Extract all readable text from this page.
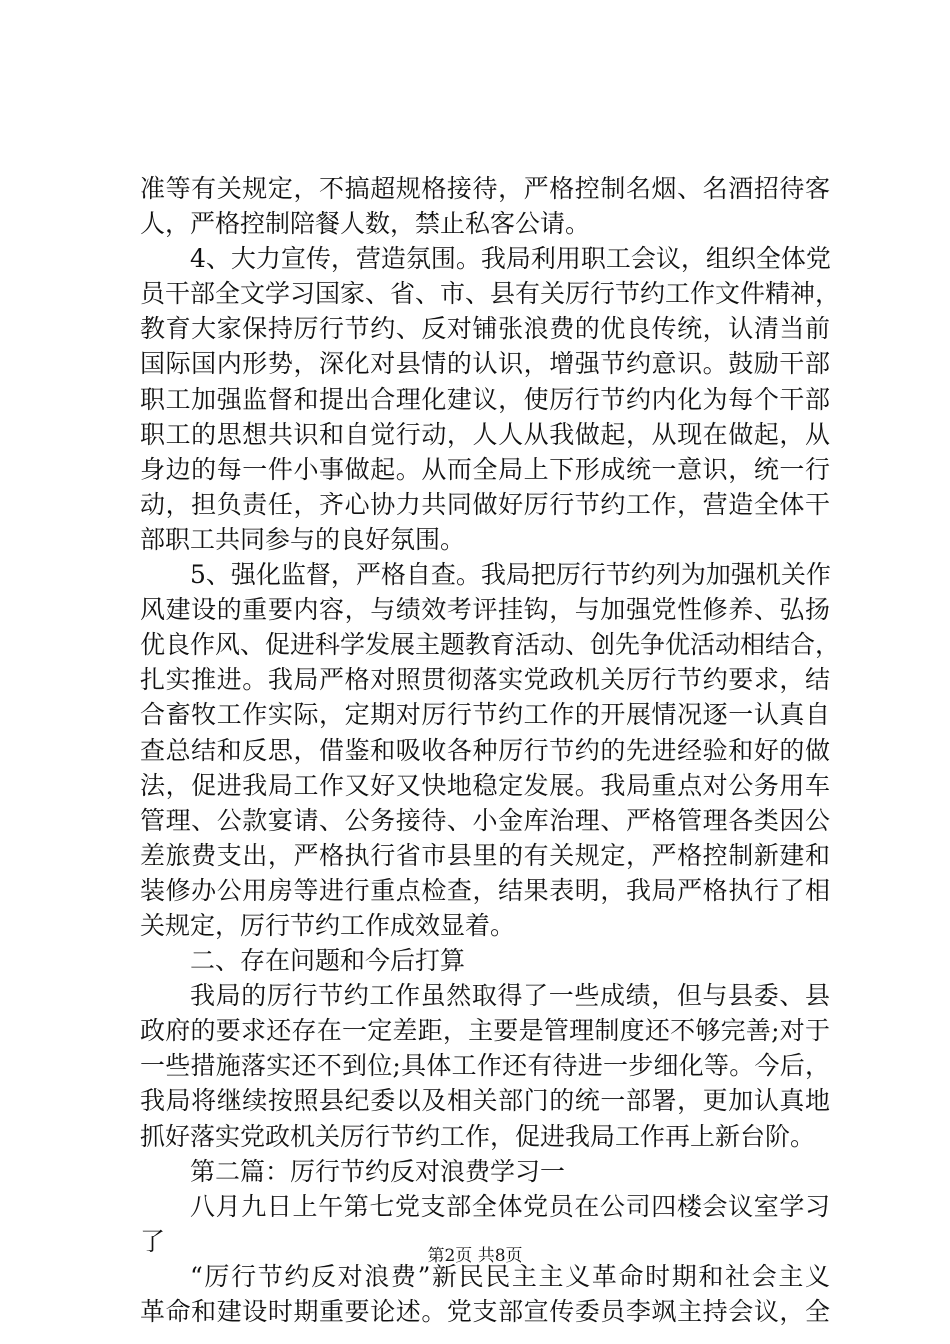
准等有关规定，不搞超规格接待，严格控制名烟、名酒招待客
人，严格控制陪餐人数，禁止私客公请。
4、大力宣传，营造氛围。我局利用职工会议，组织全体党
员干部全文学习国家、省、市、县有关厉行节约工作文件精神，
教育大家保持厉行节约、反对铺张浪费的优良传统，认清当前
国际国内形势，深化对县情的认识，增强节约意识。鼓励干部
职工加强监督和提出合理化建议，使厉行节约内化为每个干部
职工的思想共识和自觉行动，人人从我做起，从现在做起，从
身边的每一件小事做起。从而全局上下形成统一意识，统一行
动，担负责任，齐心协力共同做好厉行节约工作，营造全体干
部职工共同参与的良好氛围。
5、强化监督，严格自查。我局把厉行节约列为加强机关作
风建设的重要内容，与绩效考评挂钩，与加强党性修养、弘扬
优良作风、促进科学发展主题教育活动、创先争优活动相结合，
扎实推进。我局严格对照贯彻落实党政机关厉行节约要求，结
合畜牧工作实际，定期对厉行节约工作的开展情况逐一认真自
查总结和反思，借鉴和吸收各种厉行节约的先进经验和好的做
法，促进我局工作又好又快地稳定发展。我局重点对公务用车
管理、公款宴请、公务接待、小金库治理、严格管理各类因公
差旅费支出，严格执行省市县里的有关规定，严格控制新建和
装修办公用房等进行重点检查，结果表明，我局严格执行了相
关规定，厉行节约工作成效显着。
二、存在问题和今后打算
我局的厉行节约工作虽然取得了一些成绩，但与县委、县
政府的要求还存在一定差距，主要是管理制度还不够完善;对于
一些措施落实还不到位;具体工作还有待进一步细化等。今后，
我局将继续按照县纪委以及相关部门的统一部署，更加认真地
抓好落实党政机关厉行节约工作，促进我局工作再上新台阶。
第二篇：厉行节约反对浪费学习一
八月九日上午第七党支部全体党员在公司四楼会议室学习
了
“厉行节约反对浪费”新民民主主义革命时期和社会主义
革命和建设时期重要论述。党支部宣传委员李飒主持会议，全
第2页 共8页
